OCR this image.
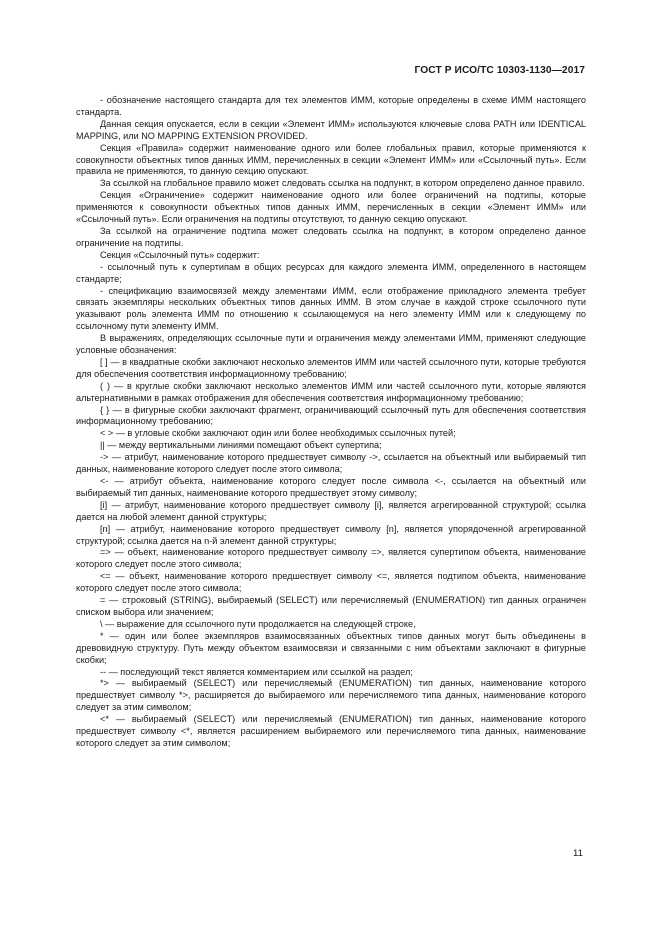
ГОСТ Р ИСО/ТС 10303-1130—2017

- обозначение настоящего стандарта для тех элементов ИММ, которые определены в схеме ИММ настоящего стандарта.

Данная секция опускается, если в секции «Элемент ИММ» используются ключевые слова PATH или IDENTICAL MAPPING, или NO MAPPING EXTENSION PROVIDED.

Секция «Правила» содержит наименование одного или более глобальных правил, которые применяются к совокупности объектных типов данных ИММ, перечисленных в секции «Элемент ИММ» или «Ссылочный путь». Если правила не применяются, то данную секцию опускают.

За ссылкой на глобальное правило может следовать ссылка на подпункт, в котором определено данное правило.

Секция «Ограничение» содержит наименование одного или более ограничений на подтипы, которые применяются к совокупности объектных типов данных ИММ, перечисленных в секции «Элемент ИММ» или «Ссылочный путь». Если ограничения на подтипы отсутствуют, то данную секцию опускают.

За ссылкой на ограничение подтипа может следовать ссылка на подпункт, в котором определено данное ограничение на подтипы.

Секция «Ссылочный путь» содержит:

- ссылочный путь к супертипам в общих ресурсах для каждого элемента ИММ, определенного в настоящем стандарте;

- спецификацию взаимосвязей между элементами ИММ, если отображение прикладного элемента требует связать экземпляры нескольких объектных типов данных ИММ. В этом случае в каждой строке ссылочного пути указывают роль элемента ИММ по отношению к ссылающемуся на него элементу ИММ или к следующему по ссылочному пути элементу ИММ.

В выражениях, определяющих ссылочные пути и ограничения между элементами ИММ, применяют следующие условные обозначения:

[ ] — в квадратные скобки заключают несколько элементов ИММ или частей ссылочного пути, которые требуются для обеспечения соответствия информационному требованию;

( ) — в круглые скобки заключают несколько элементов ИММ или частей ссылочного пути, которые являются альтернативными в рамках отображения для обеспечения соответствия информационному требованию;

{ } — в фигурные скобки заключают фрагмент, ограничивающий ссылочный путь для обеспечения соответствия информационному требованию;

< > — в угловые скобки заключают один или более необходимых ссылочных путей;

|| — между вертикальными линиями помещают объект супертипа;

-> — атрибут, наименование которого предшествует символу ->, ссылается на объектный или выбираемый тип данных, наименование которого следует после этого символа;

<- — атрибут объекта, наименование которого следует после символа <-, ссылается на объектный или выбираемый тип данных, наименование которого предшествует этому символу;

[i] — атрибут, наименование которого предшествует символу [i], является агрегированной структурой; ссылка дается на любой элемент данной структуры;

[n] — атрибут, наименование которого предшествует символу [n], является упорядоченной агрегированной структурой; ссылка дается на n-й элемент данной структуры;

=> — объект, наименование которого предшествует символу =>, является супертипом объекта, наименование которого следует после этого символа;

<= — объект, наименование которого предшествует символу <=, является подтипом объекта, наименование которого следует после этого символа;

= — строковый (STRING), выбираемый (SELECT) или перечисляемый (ENUMERATION) тип данных ограничен списком выбора или значением;

\ — выражение для ссылочного пути продолжается на следующей строке,

* — один или более экземпляров взаимосвязанных объектных типов данных могут быть объединены в древовидную структуру. Путь между объектом взаимосвязи и связанными с ним объектами заключают в фигурные скобки;

-- — последующий текст является комментарием или ссылкой на раздел;

*> — выбираемый (SELECT) или перечисляемый (ENUMERATION) тип данных, наименование которого предшествует символу *>, расширяется до выбираемого или перечисляемого типа данных, наименование которого следует за этим символом;

<* — выбираемый (SELECT) или перечисляемый (ENUMERATION) тип данных, наименование которого предшествует символу <*, является расширением выбираемого или перечисляемого типа данных, наименование которого следует за этим символом;

11
